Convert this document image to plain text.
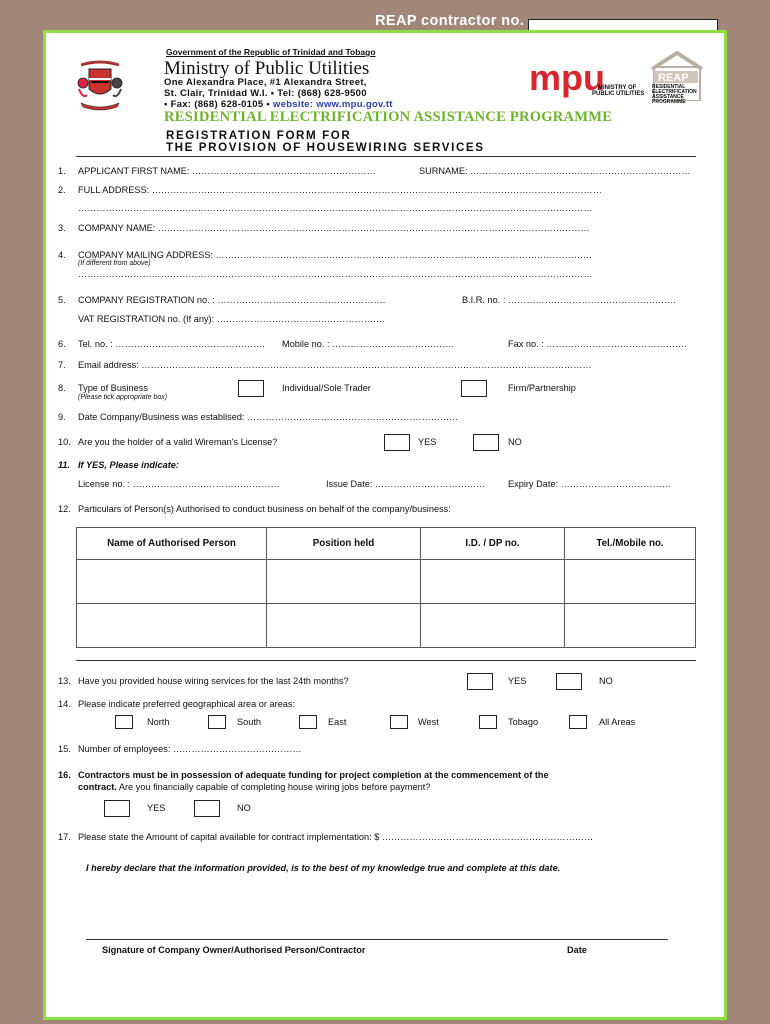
REAP contractor no.
Government of the Republic of Trinidad and Tobago
Ministry of Public Utilities
One Alexandra Place, #1 Alexandra Street,
St. Clair, Trinidad W.I. • Tel: (868) 628-9500
• Fax: (868) 628-0105 • website: www.mpu.gov.tt
mpu
MINISTRY OF
PUBLIC UTILITIES
REAP
RESIDENTIAL
ELECTRIFICATION
ASSISTANCE
PROGRAMME
RESIDENTIAL ELECTRIFICATION ASSISTANCE PROGRAMME
REGISTRATION FORM FOR
THE PROVISION OF HOUSEWIRING SERVICES
1. APPLICANT FIRST NAME: ……………………………………………………	SURNAME: ………………………………………………………………
2. FULL ADDRESS: …………………………………………………………………………………………………………………………………
……………………………………………………………………………………………………………………………………………………
3. COMPANY NAME: ……………………………………………………………………………………………………………………………
4. COMPANY MAILING ADDRESS: ……………………………………………………………………………………………………………
(If different from above)
……………………………………………………………………………………………………………………………………………………
5. COMPANY REGISTRATION no. : ……………………………………………….	B.I.R. no. : ……………………………………………….
VAT REGISTRATION no. (If any): ……………………………………………….
6. Tel. no. : …………………………………………. Mobile no. : ………………………………….	Fax no. : ……………………………………….
7. Email address: …………………………………………………………………………………………………………………………………
8. Type of Business
(Please tick appropriate box)
Individual/Sole Trader	Firm/Partnership
9. Date Company/Business was establised: ……………………………………………………………
10. Are you the holder of a valid Wireman's License?	YES	NO
11. If YES, Please indicate:
License no. : …………………………………………	Issue Date: ……………………………… Expiry Date: ………………………………
12. Particulars of Person(s) Authorised to conduct business on behalf of the company/business:
Name of Authorised Person	Position held	I.D. / DP no.	Tel./Mobile no.

13. Have you provided house wiring services for the last 24th months?	YES	NO
14. Please indicate preferred geographical area or areas:
North	South	East	West	Tobago	All Areas
15. Number of employees: ……………………………………
16. Contractors must be in possession of adequate funding for project completion at the commencement of the
contract. Are you financially capable of completing house wiring jobs before payment?
YES	NO
17. Please state the Amount of capital available for contract implementation: $ ……………………………………………………………
I hereby declare that the information provided, is to the best of my knowledge true and complete at this date.
Signature of Company Owner/Authorised Person/Contractor	Date
